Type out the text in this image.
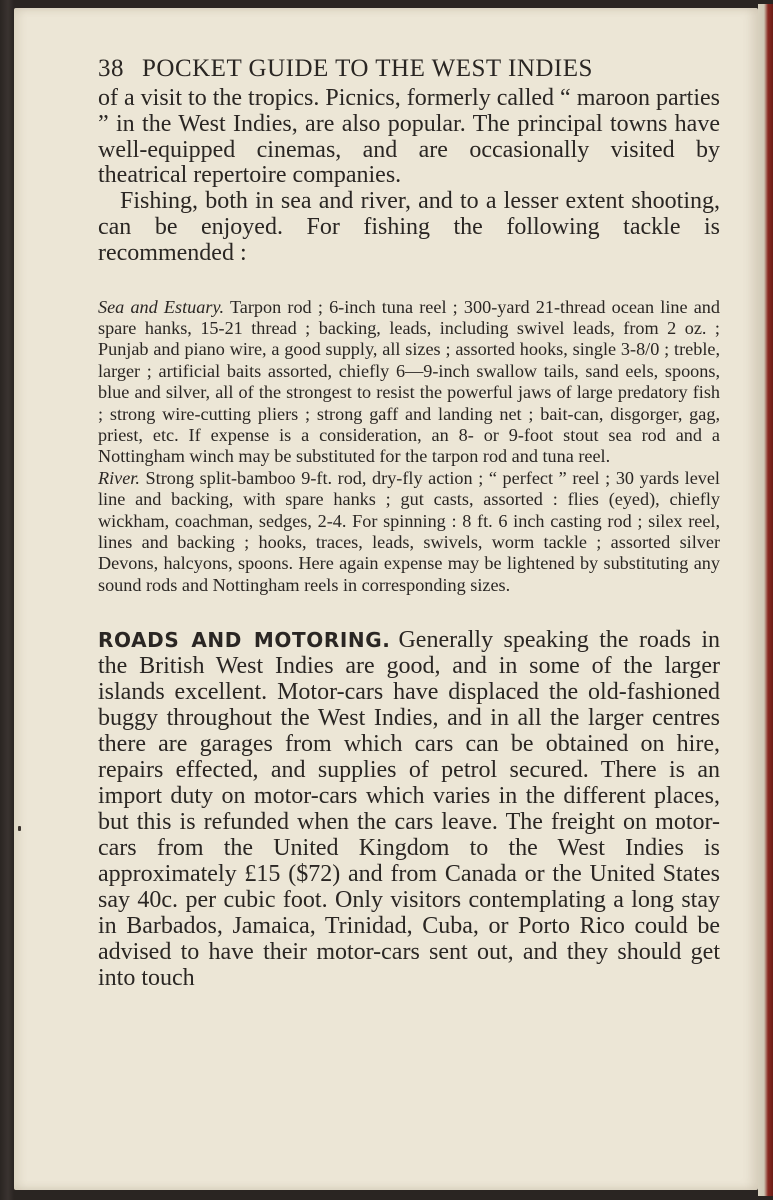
38 POCKET GUIDE TO THE WEST INDIES

of a visit to the tropics. Picnics, formerly called “ maroon parties ” in the West Indies, are also popular. The principal towns have well-equipped cinemas, and are occasionally visited by theatrical repertoire companies.

Fishing, both in sea and river, and to a lesser extent shooting, can be enjoyed. For fishing the following tackle is recommended :

Sea and Estuary. Tarpon rod ; 6-inch tuna reel ; 300-yard 21-thread ocean line and spare hanks, 15-21 thread ; backing, leads, including swivel leads, from 2 oz. ; Punjab and piano wire, a good supply, all sizes ; assorted hooks, single 3-8/0 ; treble, larger ; artificial baits assorted, chiefly 6—9-inch swallow tails, sand eels, spoons, blue and silver, all of the strongest to resist the powerful jaws of large predatory fish ; strong wire-cutting pliers ; strong gaff and landing net ; bait-can, disgorger, gag, priest, etc. If expense is a consideration, an 8- or 9-foot stout sea rod and a Nottingham winch may be substituted for the tarpon rod and tuna reel.

River. Strong split-bamboo 9-ft. rod, dry-fly action ; “ perfect ” reel ; 30 yards level line and backing, with spare hanks ; gut casts, assorted : flies (eyed), chiefly wickham, coachman, sedges, 2-4. For spinning : 8 ft. 6 inch casting rod ; silex reel, lines and backing ; hooks, traces, leads, swivels, worm tackle ; assorted silver Devons, halcyons, spoons. Here again expense may be lightened by substituting any sound rods and Nottingham reels in corresponding sizes.

ROADS AND MOTORING. Generally speaking the roads in the British West Indies are good, and in some of the larger islands excellent. Motor-cars have displaced the old-fashioned buggy throughout the West Indies, and in all the larger centres there are garages from which cars can be obtained on hire, repairs effected, and supplies of petrol secured. There is an import duty on motor-cars which varies in the different places, but this is refunded when the cars leave. The freight on motor-cars from the United Kingdom to the West Indies is approximately £15 ($72) and from Canada or the United States say 40c. per cubic foot. Only visitors contemplating a long stay in Barbados, Jamaica, Trinidad, Cuba, or Porto Rico could be advised to have their motor-cars sent out, and they should get into touch
